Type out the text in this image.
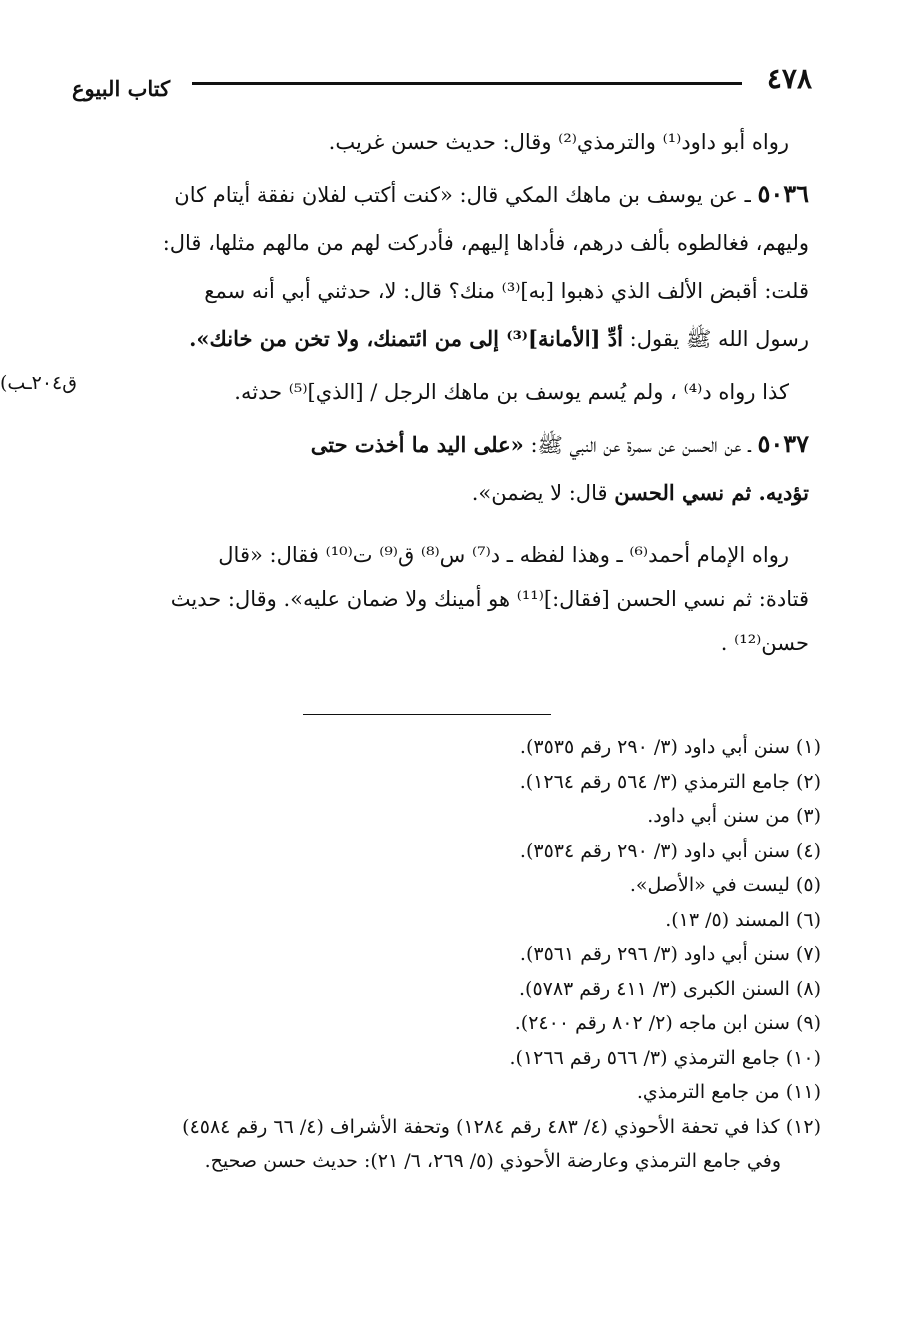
٤٧٨
كتاب البيوع
رواه أبو داود⁽¹⁾ والترمذي⁽²⁾ وقال: حديث حسن غريب.
٥٠٣٦ ـ عن يوسف بن ماهك المكي قال: «كنت أكتب لفلان نفقة أيتام كان
وليهم، فغالطوه بألف درهم، فأداها إليهم، فأدركت لهم من مالهم مثلها، قال:
قلت: أقبض الألف الذي ذهبوا [به]⁽³⁾ منك؟ قال: لا، حدثني أبي أنه سمع
رسول الله ﷺ يقول: أدِّ [الأمانة]⁽³⁾ إلى من ائتمنك، ولا تخن من خانك».
كذا رواه د⁽⁴⁾ ، ولم يُسم يوسف بن ماهك الرجل / [الذي]⁽⁵⁾ حدثه.
ق٢٠٤ـب)
٥٠٣٧ ـ عن الحسن عن سمرة عن النبي ﷺ: «على اليد ما أخذت حتى
تؤديه. ثم نسي الحسن قال: لا يضمن».
رواه الإمام أحمد⁽⁶⁾ ـ وهذا لفظه ـ د⁽⁷⁾ س⁽⁸⁾ ق⁽⁹⁾ ت⁽¹⁰⁾ فقال: «قال
قتادة: ثم نسي الحسن [فقال:]⁽¹¹⁾ هو أمينك ولا ضمان عليه». وقال: حديث
حسن⁽¹²⁾ .
(١) سنن أبي داود (٣/ ٢٩٠ رقم ٣٥٣٥).
(٢) جامع الترمذي (٣/ ٥٦٤ رقم ١٢٦٤).
(٣) من سنن أبي داود.
(٤) سنن أبي داود (٣/ ٢٩٠ رقم ٣٥٣٤).
(٥) ليست في «الأصل».
(٦) المسند (٥/ ١٣).
(٧) سنن أبي داود (٣/ ٢٩٦ رقم ٣٥٦١).
(٨) السنن الكبرى (٣/ ٤١١ رقم ٥٧٨٣).
(٩) سنن ابن ماجه (٢/ ٨٠٢ رقم ٢٤٠٠).
(١٠) جامع الترمذي (٣/ ٥٦٦ رقم ١٢٦٦).
(١١) من جامع الترمذي.
(١٢) كذا في تحفة الأحوذي (٤/ ٤٨٣ رقم ١٢٨٤) وتحفة الأشراف (٤/ ٦٦ رقم ٤٥٨٤)
وفي جامع الترمذي وعارضة الأحوذي (٥/ ٢٦٩، ٦/ ٢١): حديث حسن صحيح.
